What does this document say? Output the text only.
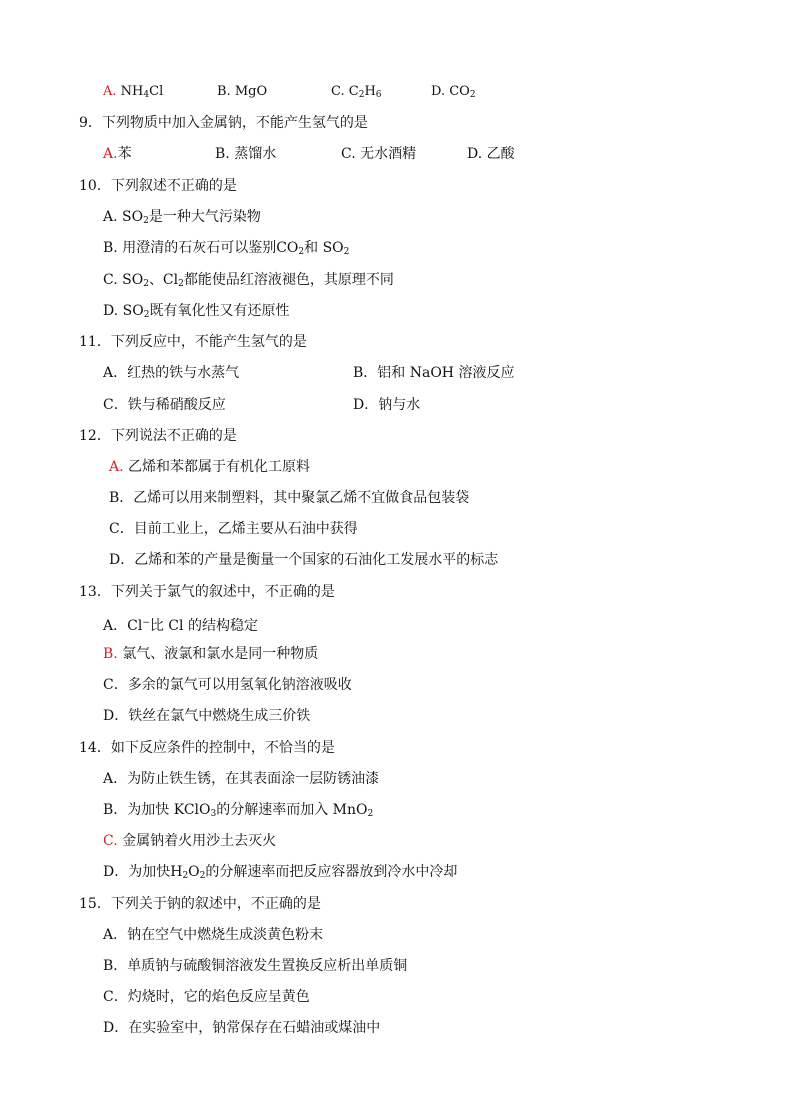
A. $NH_4Cl$	B. MgO	C. $C_2H_6$	D. $CO_2$
9．下列物质中加入金属钠，不能产生氢气的是
A.苯	B. 蒸馏水	C. 无水酒精	D. 乙酸
10．下列叙述不正确的是
A. $SO_2$是一种大气污染物
B. 用澄清的石灰石可以鉴别$CO_2$和 $SO_2$
C. $SO_2$、$Cl_2$都能使品红溶液褪色，其原理不同
D. $SO_2$既有氧化性又有还原性
11．下列反应中，不能产生氢气的是
A．红热的铁与水蒸气	B．铝和 NaOH 溶液反应
C．铁与稀硝酸反应	D．钠与水
12．下列说法不正确的是
A. 乙烯和苯都属于有机化工原料
B．乙烯可以用来制塑料，其中聚氯乙烯不宜做食品包装袋
C．目前工业上，乙烯主要从石油中获得
D．乙烯和苯的产量是衡量一个国家的石油化工发展水平的标志
13．下列关于氯气的叙述中，不正确的是
A．Cl−比 Cl 的结构稳定
B. 氯气、液氯和氯水是同一种物质
C．多余的氯气可以用氢氧化钠溶液吸收
D．铁丝在氯气中燃烧生成三价铁
14．如下反应条件的控制中，不恰当的是
A．为防止铁生锈，在其表面涂一层防锈油漆
B．为加快 KClO$_3$的分解速率而加入 MnO$_2$
C. 金属钠着火用沙土去灭火
D．为加快$H_2O_2$的分解速率而把反应容器放到冷水中冷却
15．下列关于钠的叙述中，不正确的是
A．钠在空气中燃烧生成淡黄色粉末
B．单质钠与硫酸铜溶液发生置换反应析出单质铜
C．灼烧时，它的焰色反应呈黄色
D．在实验室中，钠常保存在石蜡油或煤油中
